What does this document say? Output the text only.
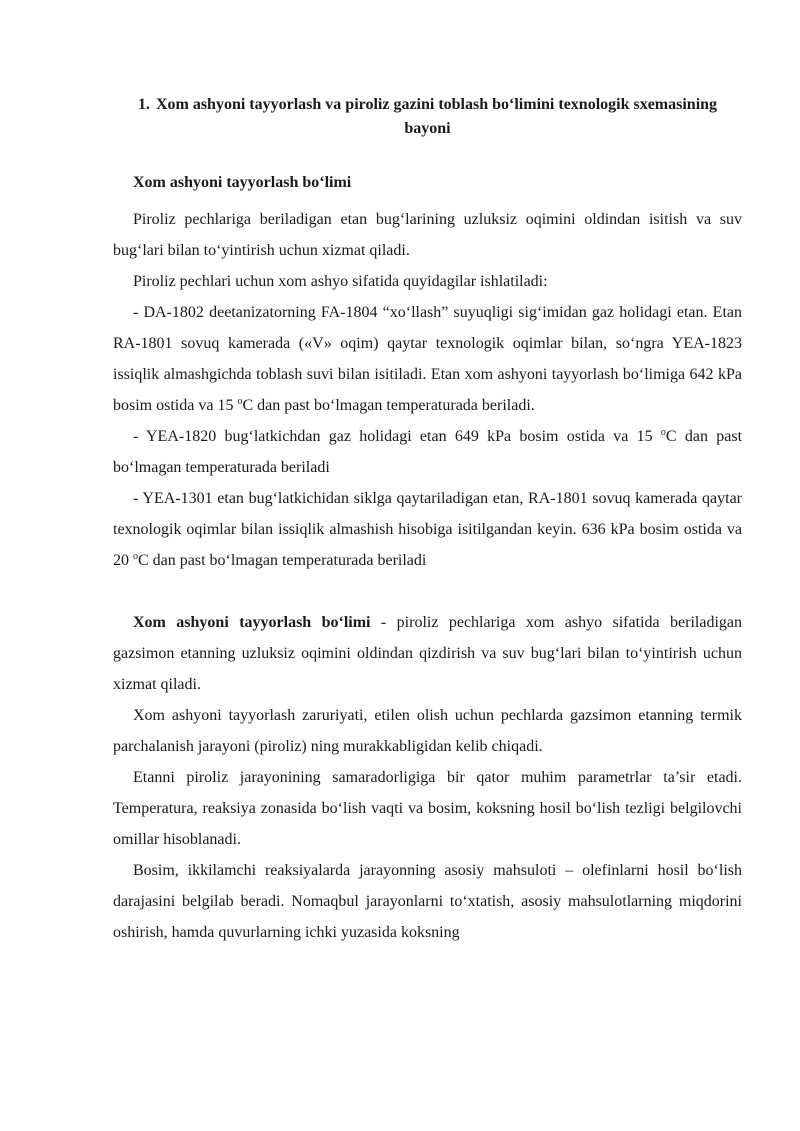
1. Xom ashyoni tayyorlash va piroliz gazini toblash bo‘limini texnologik sxemasining bayoni
Xom ashyoni tayyorlash bo‘limi

Piroliz pechlariga beriladigan etan bug‘larining uzluksiz oqimini oldіndan isitish va suv bug‘lari bilan to‘yintirish uchun xizmat qiladi.

Piroliz pechlari uchun xom ashyo sifatida quyidagilar ishlatiladi:

- DA-1802 deetanizatorning FA-1804 “xo‘llash” suyuqligi sig‘imidan gaz holidagi etan. Etan RA-1801 sovuq kamerada («V» oqim) qaytar texnologik oqimlar bilan, so‘ngra YEA-1823 issiqlik almashgichda toblash suvi bilan isitiladi. Etan xom ashyoni tayyorlash bo‘limiga 642 kPa bosim ostida va 15 $^o$C dan past bo‘lmagan temperaturada beriladi.

- YEA-1820 bug‘latkichdan gaz holidagi etan 649 kPa bosim ostida va 15 $^o$C dan past bo‘lmagan temperaturada beriladi

- YEA-1301 etan bug‘latkichidan siklga qaytariladigan etan, RA-1801 sovuq kamerada qaytar texnologik oqimlar bilan issiqlik almashish hisobiga isitilgandan keyin. 636 kPa bosim ostida va 20 $^o$C dan past bo‘lmagan temperaturada beriladi

Xom ashyoni tayyorlash bo‘limi - piroliz pechlariga xom ashyo sifatida beriladigan gazsimon etanning uzluksiz oqimini oldindan qizdirish va suv bug‘lari bilan to‘yintirish uchun xizmat qiladi.

Xom ashyoni tayyorlash zaruriyati, etilen olish uchun pechlarda gazsimon etanning termik parchalanish jarayoni (piroliz) ning murakkabligidan kelib chiqadi.

Etanni piroliz jarayonining samaradorligiga bir qator muhim parametrlar ta’sir etadi. Temperatura, reaksiya zonasida bo‘lish vaqti va bosim, koksning hosil bo‘lish tezligi belgilovchi omillar hisoblanadi.

Bosim, ikkilamchi reaksiyalarda jarayonning asosiy mahsuloti – olefinlarni hosil bo‘lish darajasini belgilab beradi. Nomaqbul jarayonlarni to‘xtatish, asosiy mahsulotlarning miqdorini oshirish, hamda quvurlarning ichki yuzasida koksning
